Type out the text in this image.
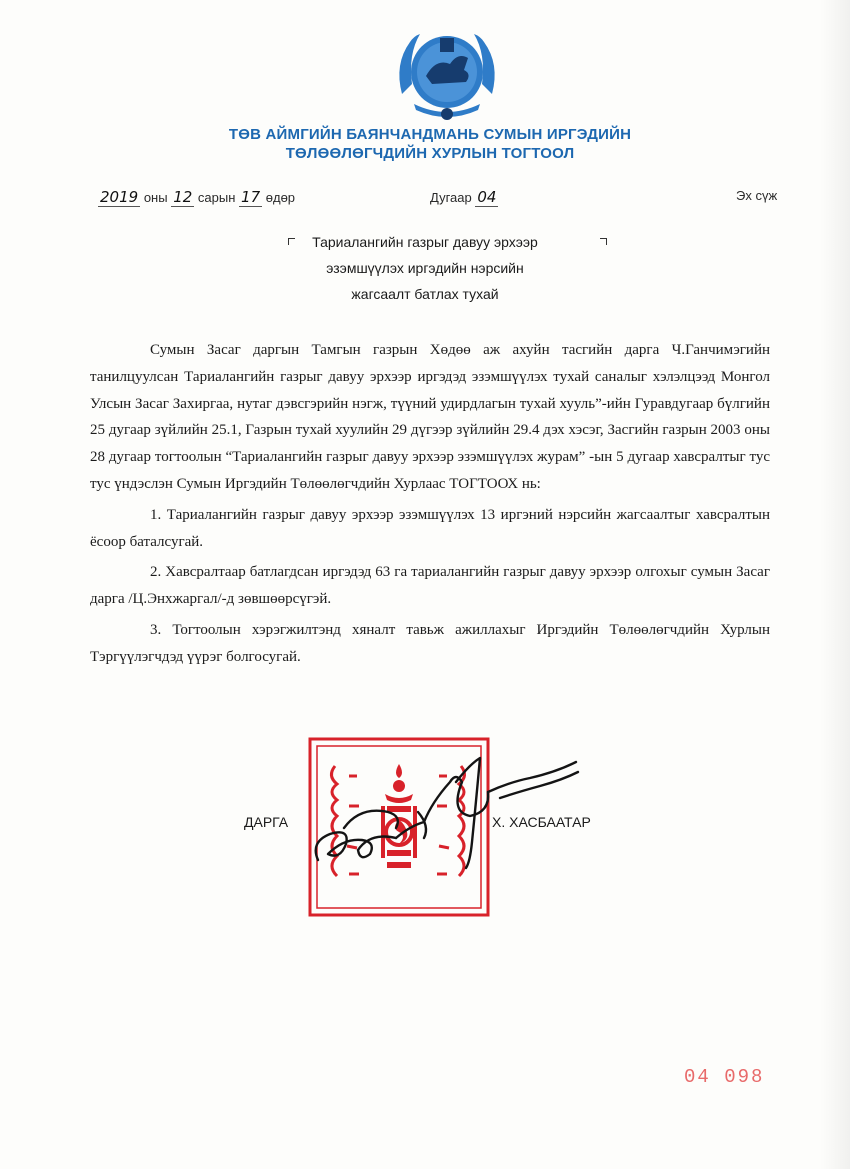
ТӨВ АЙМГИЙН БАЯНЧАНДМАНЬ СУМЫН ИРГЭДИЙН
ТӨЛӨӨЛӨГЧДИЙН ХУРЛЫН ТОГТООЛ
2019 оны 12 сарын 17 өдөр	Дугаар 04	Эх сүж
Тариалангийн газрыг давуу эрхээр
эзэмшүүлэх иргэдийн нэрсийн
жагсаалт батлах тухай

Сумын Засаг даргын Тамгын газрын Хөдөө аж ахуйн тасгийн дарга Ч.Ганчимэгийн танилцуулсан Тариалангийн газрыг давуу эрхээр иргэдэд эзэмшүүлэх тухай саналыг хэлэлцээд Монгол Улсын Засаг Захиргаа, нутаг дэвсгэрийн нэгж, түүний удирдлагын тухай хууль”-ийн Гуравдугаар бүлгийн 25 дугаар зүйлийн 25.1, Газрын тухай хуулийн 29 дүгээр зүйлийн 29.4 дэх хэсэг, Засгийн газрын 2003 оны 28 дугаар тогтоолын “Тариалангийн газрыг давуу эрхээр эзэмшүүлэх журам” -ын 5 дугаар хавсралтыг тус тус үндэслэн Сумын Иргэдийн Төлөөлөгчдийн Хурлаас ТОГТООХ нь:

1. Тариалангийн газрыг давуу эрхээр эзэмшүүлэх 13 иргэний нэрсийн жагсаалтыг хавсралтын ёсоор баталсугай.

2. Хавсралтаар батлагдсан иргэдэд 63 га тариалангийн газрыг давуу эрхээр олгохыг сумын Засаг дарга /Ц.Энхжаргал/-д зөвшөөрсүгэй.

3. Тогтоолын хэрэгжилтэнд хяналт тавьж ажиллахыг Иргэдийн Төлөөлөгчдийн Хурлын Тэргүүлэгчдэд үүрэг болгосугай.

ДАРГА	Х. ХАСБААТАР
04 098
